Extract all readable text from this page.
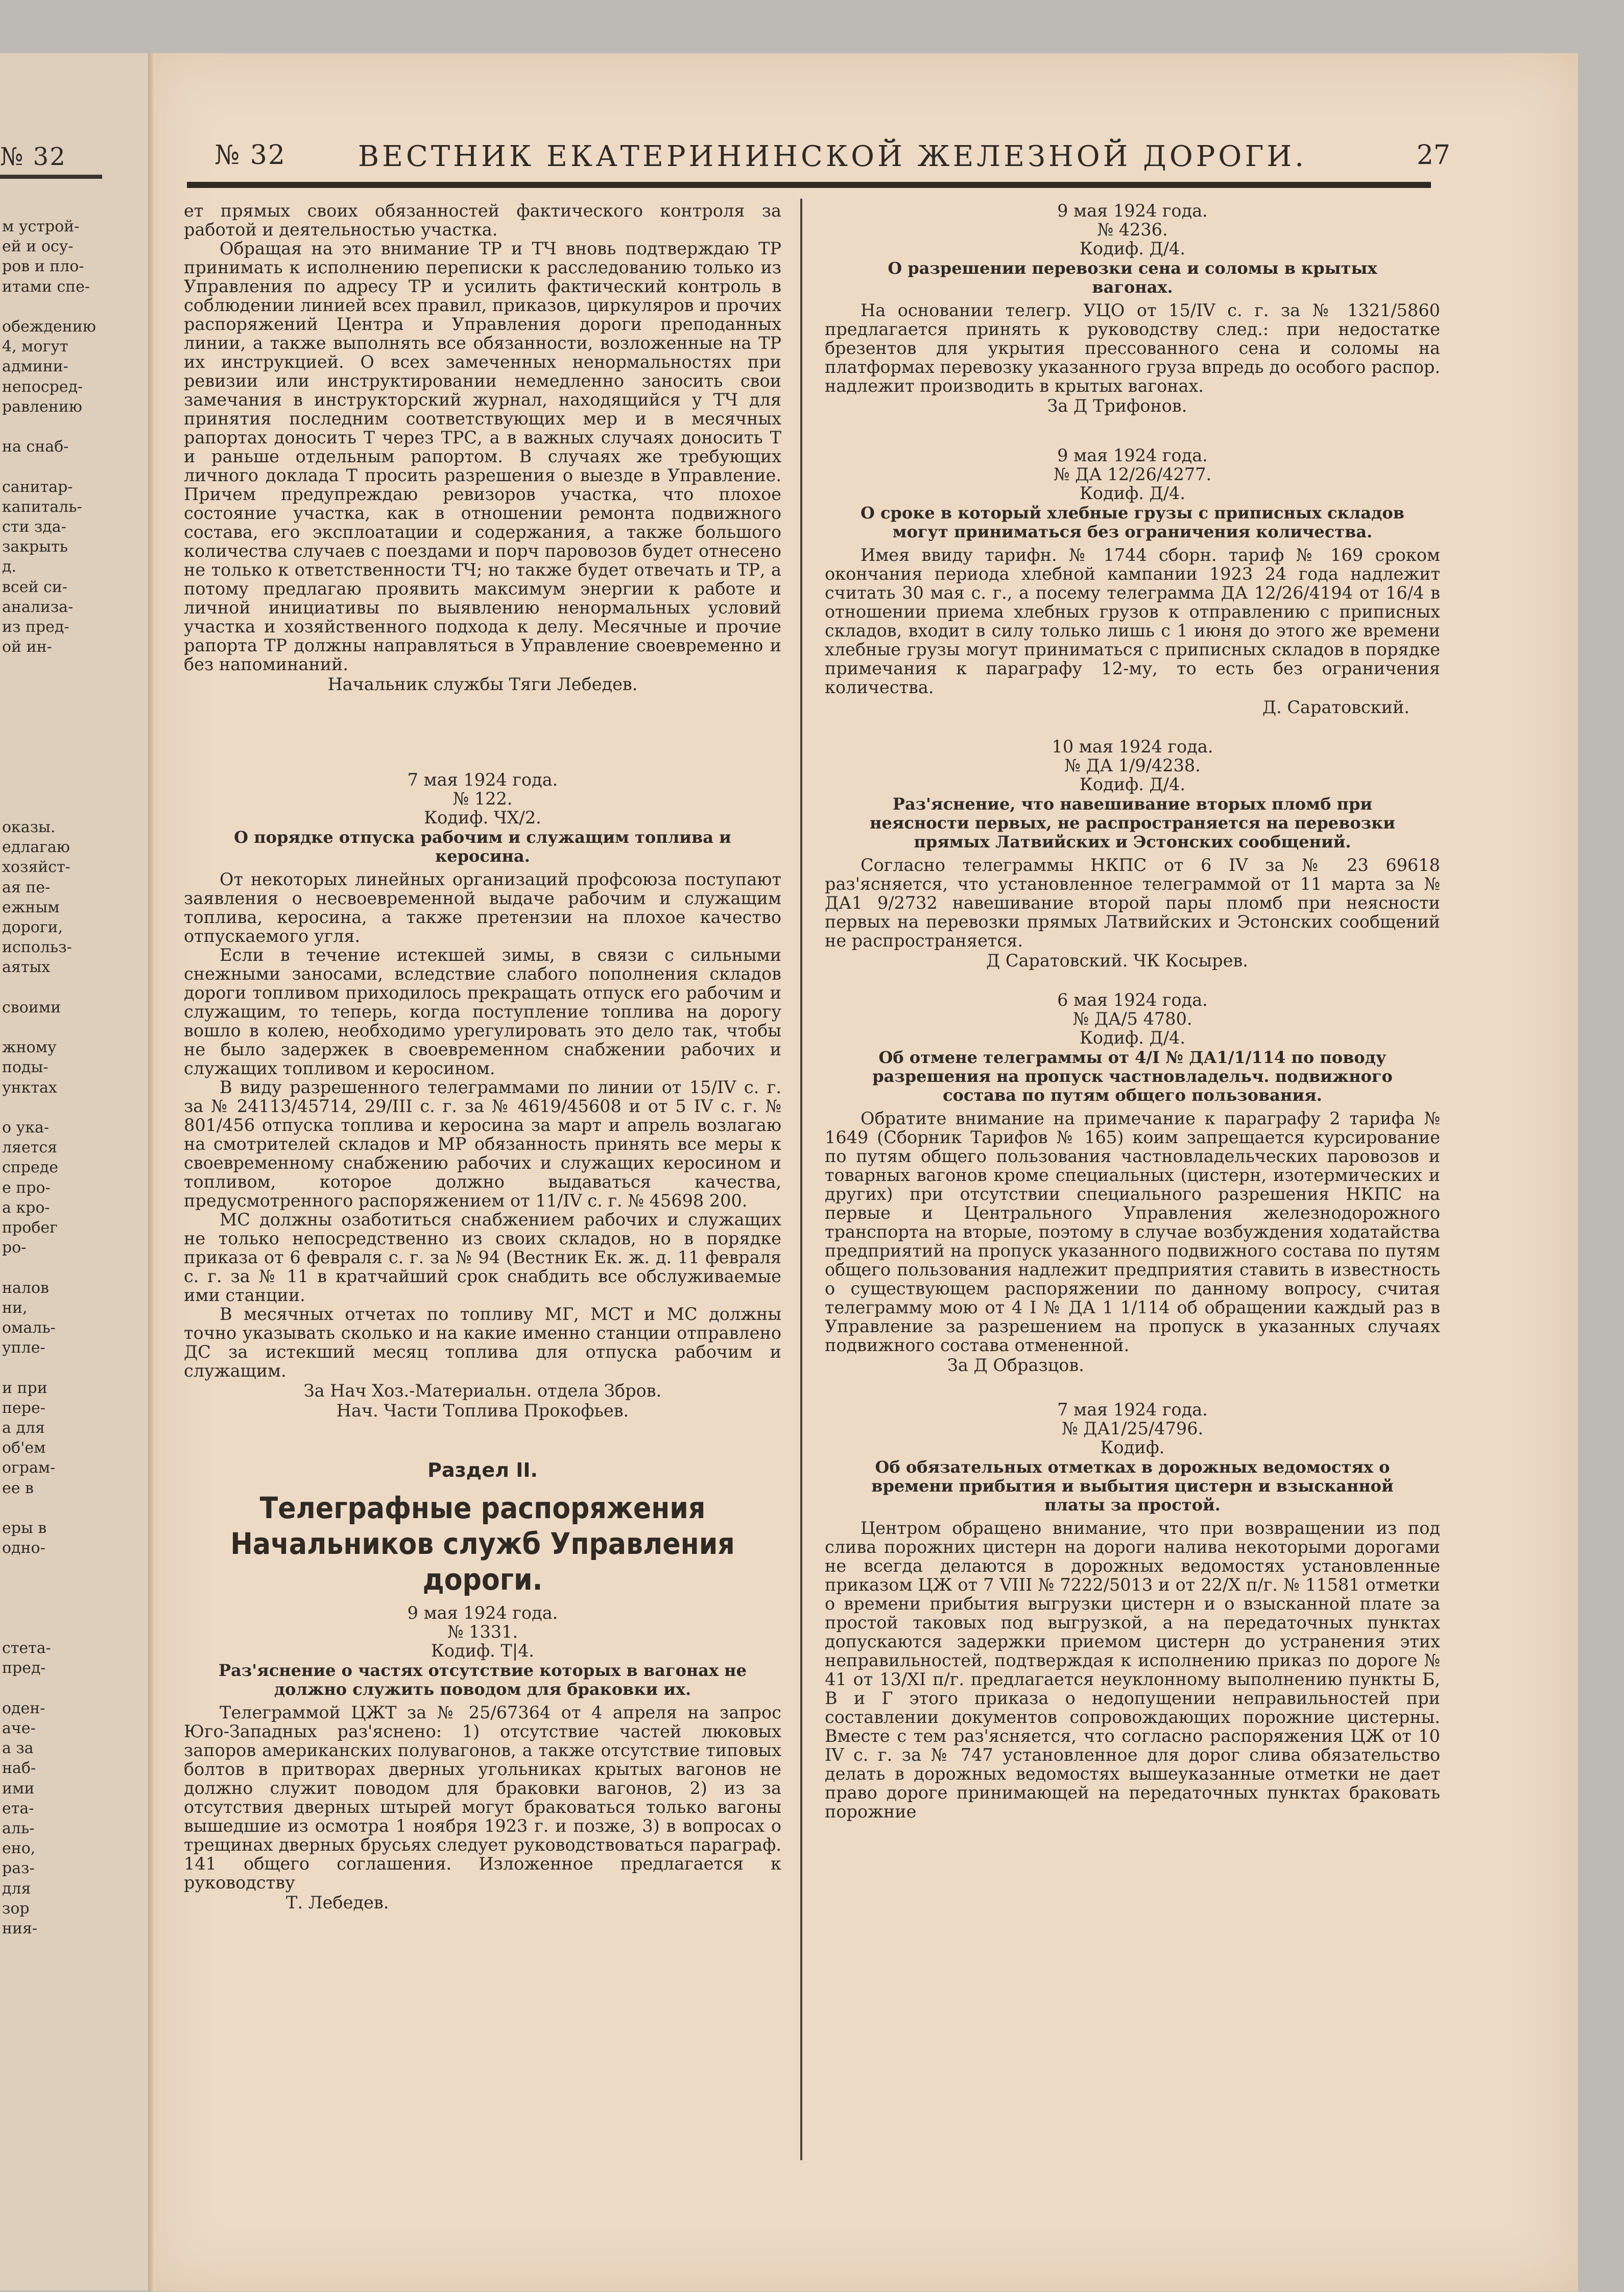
№ 32
м устрой-
ей и осу-
ров и пло-
итами спе-
обеждению
4, могут
админи-
непосред-
равлению
на снаб-
санитар-
капиталь-
сти зда-
закрыть
д.
всей си-
анализа-
из пред-
ой ин-
оказы.
едлагаю
хозяйст-
ая пе-
ежным
дороги,
использ-
аятых
своими
жному
поды-
унктах
о ука-
ляется
спреде
е про-
а кро-
пробег
ро-
налов
ни,
омаль-
упле-
и при
пере-
а для
об'ем
ограм-
ее в
еры в
одно-
стета-
пред-
оден-
аче-
а за
наб-
ими
ета-
аль-
ено,
раз-
для
зор
ния-
№ 32	ВЕСТНИК ЕКАТЕРИНИНСКОЙ ЖЕЛЕЗНОЙ ДОРОГИ.	27

ет прямых своих обязанностей фактического контроля за работой и деятельностью участка.

Обращая на это внимание ТР и ТЧ вновь подтверждаю ТР принимать к исполнению переписки к расследованию только из Управления по адресу ТР и усилить фактический контроль в соблюдении линией всех правил, приказов, циркуляров и прочих распоряжений Центра и Управления дороги преподанных линии, а также выполнять все обязанности, возложенные на ТР их инструкцией. О всех замеченных ненормальностях при ревизии или инструктировании немедленно заносить свои замечания в инструкторский журнал, находящийся у ТЧ для принятия последним соответствующих мер и в месячных рапортах доносить Т через ТРС, а в важных случаях доносить Т и раньше отдельным рапортом. В случаях же требующих личного доклада Т просить разрешения о выезде в Управление. Причем предупреждаю ревизоров участка, что плохое состояние участка, как в отношении ремонта подвижного состава, его эксплоатации и содержания, а также большого количества случаев с поездами и порч паровозов будет отнесено не только к ответственности ТЧ; но также будет отвечать и ТР, а потому предлагаю проявить максимум энергии к работе и личной инициативы по выявлению ненормальных условий участка и хозяйственного подхода к делу. Месячные и прочие рапорта ТР должны направляться в Управление своевременно и без напоминаний.

Начальник службы Тяги Лебедев.
7 мая 1924 года.
№ 122.
Кодиф. ЧХ/2.
О порядке отпуска рабочим и служащим топлива и керосина.

От некоторых линейных организаций профсоюза поступают заявления о несвоевременной выдаче рабочим и служащим топлива, керосина, а также претензии на плохое качество отпускаемого угля.

Если в течение истекшей зимы, в связи с сильными снежными заносами, вследствие слабого пополнения складов дороги топливом приходилось прекращать отпуск его рабочим и служащим, то теперь, когда поступление топлива на дорогу вошло в колею, необходимо урегулировать это дело так, чтобы не было задержек в своевременном снабжении рабочих и служащих топливом и керосином.

В виду разрешенного телеграммами по линии от 15/IV с. г. за № 24113/45714, 29/III с. г. за № 4619/45608 и от 5 IV с. г. № 801/456 отпуска топлива и керосина за март и апрель возлагаю на смотрителей складов и МР обязанность принять все меры к своевременному снабжению рабочих и служащих керосином и топливом, которое должно выдаваться качества, предусмотренного распоряжением от 11/IV с. г. № 45698 200.

МС должны озаботиться снабжением рабочих и служащих не только непосредственно из своих складов, но в порядке приказа от 6 февраля с. г. за № 94 (Вестник Ек. ж. д. 11 февраля с. г. за № 11 в кратчайший срок снабдить все обслуживаемые ими станции.

В месячных отчетах по топливу МГ, МСТ и МС должны точно указывать сколько и на какие именно станции отправлено ДС за истекший месяц топлива для отпуска рабочим и служащим.

За Нач Хоз.-Материальн. отдела Збров.
Нач. Части Топлива Прокофьев.
Раздел II.
Телеграфные распоряжения Начальников служб Управления дороги.
9 мая 1924 года.
№ 1331.
Кодиф. Т|4.
Раз'яснение о частях отсутствие которых в вагонах не должно служить поводом для браковки их.

Телеграммой ЦЖТ за № 25/67364 от 4 апреля на запрос Юго-Западных раз'яснено: 1) отсутствие частей люковых запоров американских полувагонов, а также отсутствие типовых болтов в притворах дверных угольниках крытых вагонов не должно служит поводом для браковки вагонов, 2) из за отсутствия дверных штырей могут браковаться только вагоны вышедшие из осмотра 1 ноября 1923 г. и позже, 3) в вопросах о трещинах дверных брусьях следует руководствоваться параграф. 141 общего соглашения. Изложенное предлагается к руководству

Т. Лебедев.
9 мая 1924 года.
№ 4236.
Кодиф. Д/4.
О разрешении перевозки сена и соломы в крытых вагонах.

На основании телегр. УЦО от 15/IV с. г. за № 1321/5860 предлагается принять к руководству след.: при недостатке брезентов для укрытия прессованного сена и соломы на платформах перевозку указанного груза впредь до особого распор. надлежит производить в крытых вагонах.

За Д Трифонов.
9 мая 1924 года.
№ ДА 12/26/4277.
Кодиф. Д/4.
О сроке в который хлебные грузы с приписных складов могут приниматься без ограничения количества.

Имея ввиду тарифн. № 1744 сборн. тариф № 169 сроком окончания периода хлебной кампании 1923 24 года надлежит считать 30 мая с. г., а посему телеграмма ДА 12/26/4194 от 16/4 в отношении приема хлебных грузов к отправлению с приписных складов, входит в силу только лишь с 1 июня до этого же времени хлебные грузы могут приниматься с приписных складов в порядке примечания к параграфу 12-му, то есть без ограничения количества.

Д. Саратовский.
10 мая 1924 года.
№ ДА 1/9/4238.
Кодиф. Д/4.
Раз'яснение, что навешивание вторых пломб при неясности первых, не распространяется на перевозки прямых Латвийских и Эстонских сообщений.

Согласно телеграммы НКПС от 6 IV за № 23 69618 раз'ясняется, что установленное телеграммой от 11 марта за № ДА1 9/2732 навешивание второй пары пломб при неясности первых на перевозки прямых Латвийских и Эстонских сообщений не распространяется.

Д Саратовский. ЧК Косырев.
6 мая 1924 года.
№ ДА/5 4780.
Кодиф. Д/4.
Об отмене телеграммы от 4/I № ДА1/1/114 по поводу разрешения на пропуск частновладельч. подвижного состава по путям общего пользования.

Обратите внимание на примечание к параграфу 2 тарифа № 1649 (Сборник Тарифов № 165) коим запрещается курсирование по путям общего пользования частновладельческих паровозов и товарных вагонов кроме специальных (цистерн, изотермических и других) при отсутствии специального разрешения НКПС на первые и Центрального Управления железнодорожного транспорта на вторые, поэтому в случае возбуждения ходатайства предприятий на пропуск указанного подвижного состава по путям общего пользования надлежит предприятия ставить в известность о существующем распоряжении по данному вопросу, считая телеграмму мою от 4 I № ДА 1 1/114 об обращении каждый раз в Управление за разрешением на пропуск в указанных случаях подвижного состава отмененной.

За Д Образцов.
7 мая 1924 года.
№ ДА1/25/4796.
Кодиф.
Об обязательных отметках в дорожных ведомостях о времени прибытия и выбытия цистерн и взысканной платы за простой.

Центром обращено внимание, что при возвращении из под слива порожних цистерн на дороги налива некоторыми дорогами не всегда делаются в дорожных ведомостях установленные приказом ЦЖ от 7 VIII № 7222/5013 и от 22/X п/г. № 11581 отметки о времени прибытия выгрузки цистерн и о взысканной плате за простой таковых под выгрузкой, а на передаточных пунктах допускаются задержки приемом цистерн до устранения этих неправильностей, подтверждая к исполнению приказ по дороге № 41 от 13/XI п/г. предлагается неуклонному выполнению пункты Б, В и Г этого приказа о недопущении неправильностей при составлении документов сопровождающих порожние цистерны. Вместе с тем раз'ясняется, что согласно распоряжения ЦЖ от 10 IV с. г. за № 747 установленное для дорог слива обязательство делать в дорожных ведомостях вышеуказанные отметки не дает право дороге принимающей на передаточных пунктах браковать порожние
